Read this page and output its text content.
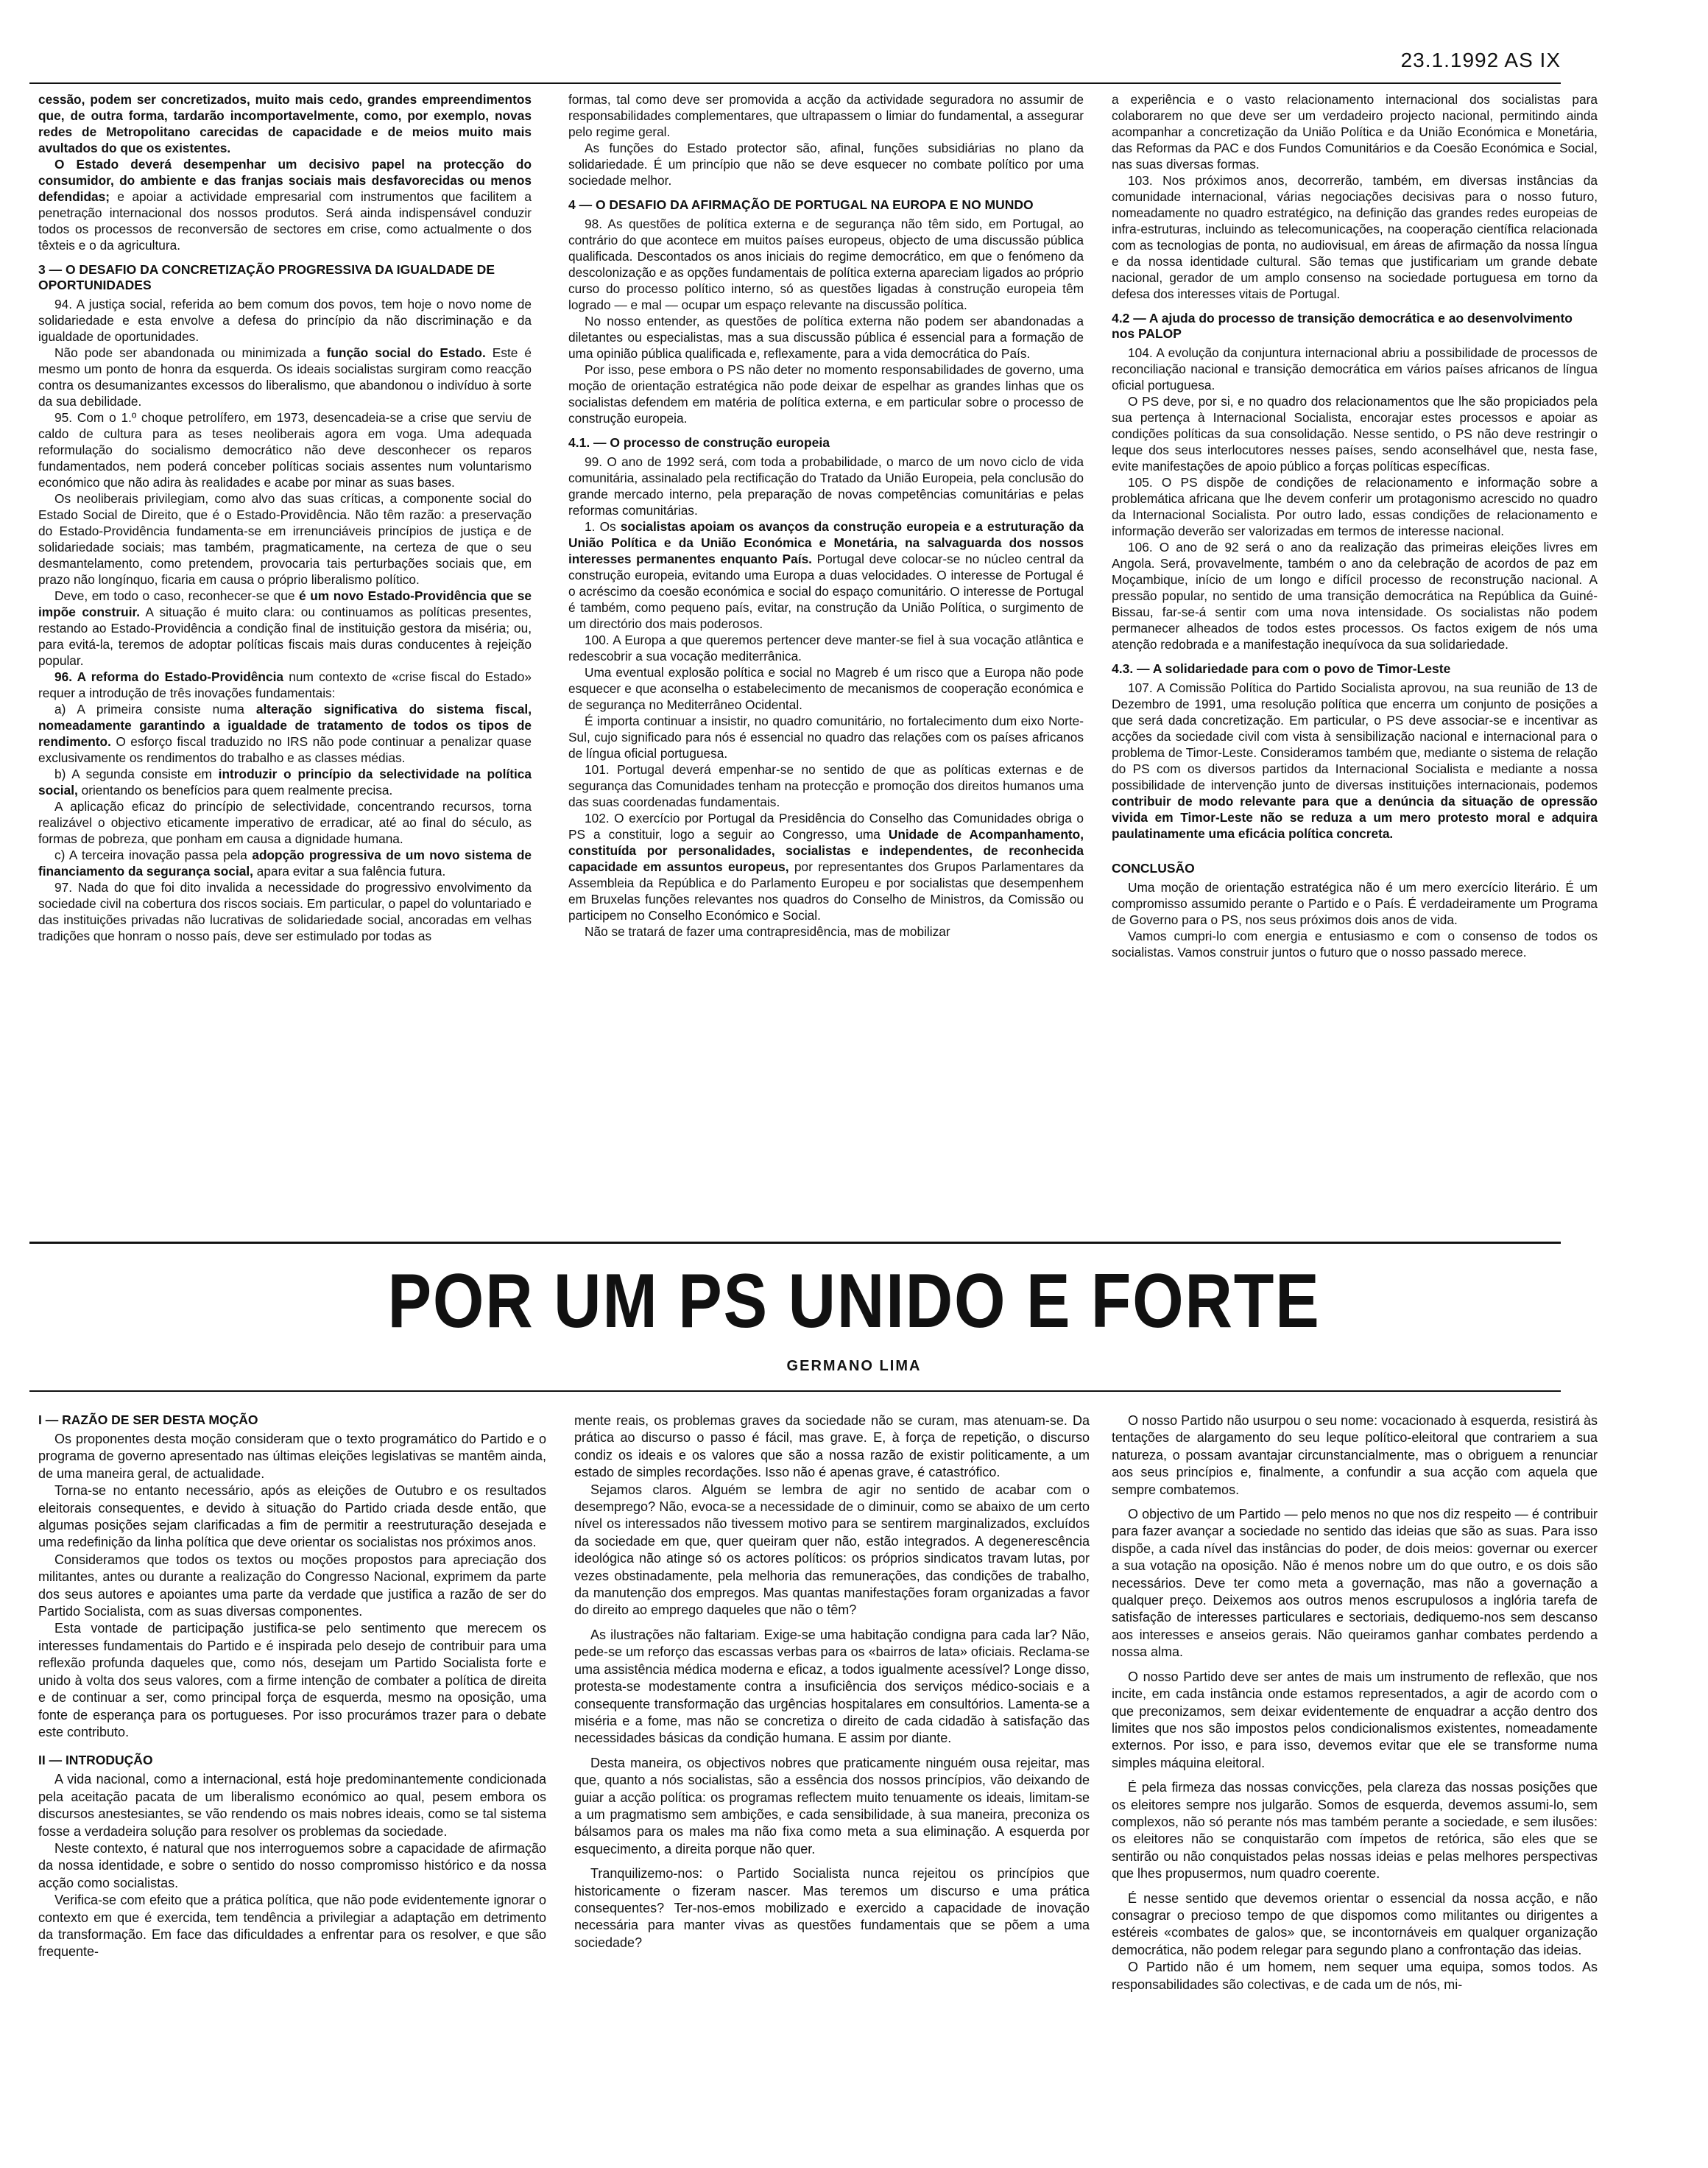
23.1.1992 AS IX

cessão, podem ser concretizados, muito mais cedo, grandes empreendimentos que, de outra forma, tardarão incomportavelmente, como, por exemplo, novas redes de Metropolitano carecidas de capacidade e de meios muito mais avultados do que os existentes.

O Estado deverá desempenhar um decisivo papel na protecção do consumidor, do ambiente e das franjas sociais mais desfavorecidas ou menos defendidas; e apoiar a actividade empresarial com instrumentos que facilitem a penetração internacional dos nossos produtos. Será ainda indispensável conduzir todos os processos de reconversão de sectores em crise, como actualmente o dos têxteis e o da agricultura.

3 — O DESAFIO DA CONCRETIZAÇÃO PROGRESSIVA DA IGUALDADE DE OPORTUNIDADES

94. A justiça social, referida ao bem comum dos povos, tem hoje o novo nome de solidariedade e esta envolve a defesa do princípio da não discriminação e da igualdade de oportunidades.

Não pode ser abandonada ou minimizada a função social do Estado. Este é mesmo um ponto de honra da esquerda. Os ideais socialistas surgiram como reacção contra os desumanizantes excessos do liberalismo, que abandonou o indivíduo à sorte da sua debilidade.

95. Com o 1.º choque petrolífero, em 1973, desencadeia-se a crise que serviu de caldo de cultura para as teses neoliberais agora em voga. Uma adequada reformulação do socialismo democrático não deve desconhecer os reparos fundamentados, nem poderá conceber políticas sociais assentes num voluntarismo económico que não adira às realidades e acabe por minar as suas bases.

Os neoliberais privilegiam, como alvo das suas críticas, a componente social do Estado Social de Direito, que é o Estado-Providência. Não têm razão: a preservação do Estado-Providência fundamenta-se em irrenunciáveis princípios de justiça e de solidariedade sociais; mas também, pragmaticamente, na certeza de que o seu desmantelamento, como pretendem, provocaria tais perturbações sociais que, em prazo não longínquo, ficaria em causa o próprio liberalismo político.

Deve, em todo o caso, reconhecer-se que é um novo Estado-Providência que se impõe construir. A situação é muito clara: ou continuamos as políticas presentes, restando ao Estado-Providência a condição final de instituição gestora da miséria; ou, para evitá-la, teremos de adoptar políticas fiscais mais duras conducentes à rejeição popular.

96. A reforma do Estado-Providência num contexto de «crise fiscal do Estado» requer a introdução de três inovações fundamentais:

a) A primeira consiste numa alteração significativa do sistema fiscal, nomeadamente garantindo a igualdade de tratamento de todos os tipos de rendimento. O esforço fiscal traduzido no IRS não pode continuar a penalizar quase exclusivamente os rendimentos do trabalho e as classes médias.

b) A segunda consiste em introduzir o princípio da selectividade na política social, orientando os benefícios para quem realmente precisa.

A aplicação eficaz do princípio de selectividade, concentrando recursos, torna realizável o objectivo eticamente imperativo de erradicar, até ao final do século, as formas de pobreza, que ponham em causa a dignidade humana.

c) A terceira inovação passa pela adopção progressiva de um novo sistema de financiamento da segurança social, apara evitar a sua falência futura.

97. Nada do que foi dito invalida a necessidade do progressivo envolvimento da sociedade civil na cobertura dos riscos sociais. Em particular, o papel do voluntariado e das instituições privadas não lucrativas de solidariedade social, ancoradas em velhas tradições que honram o nosso país, deve ser estimulado por todas as

formas, tal como deve ser promovida a acção da actividade seguradora no assumir de responsabilidades complementares, que ultrapassem o limiar do fundamental, a assegurar pelo regime geral.

As funções do Estado protector são, afinal, funções subsidiárias no plano da solidariedade. É um princípio que não se deve esquecer no combate político por uma sociedade melhor.

4 — O DESAFIO DA AFIRMAÇÃO DE PORTUGAL NA EUROPA E NO MUNDO

98. As questões de política externa e de segurança não têm sido, em Portugal, ao contrário do que acontece em muitos países europeus, objecto de uma discussão pública qualificada. Descontados os anos iniciais do regime democrático, em que o fenómeno da descolonização e as opções fundamentais de política externa apareciam ligados ao próprio curso do processo político interno, só as questões ligadas à construção europeia têm logrado — e mal — ocupar um espaço relevante na discussão política.

No nosso entender, as questões de política externa não podem ser abandonadas a diletantes ou especialistas, mas a sua discussão pública é essencial para a formação de uma opinião pública qualificada e, reflexamente, para a vida democrática do País.

Por isso, pese embora o PS não deter no momento responsabilidades de governo, uma moção de orientação estratégica não pode deixar de espelhar as grandes linhas que os socialistas defendem em matéria de política externa, e em particular sobre o processo de construção europeia.

4.1. — O processo de construção europeia

99. O ano de 1992 será, com toda a probabilidade, o marco de um novo ciclo de vida comunitária, assinalado pela rectificação do Tratado da União Europeia, pela conclusão do grande mercado interno, pela preparação de novas competências comunitárias e pelas reformas comunitárias.

1. Os socialistas apoiam os avanços da construção europeia e a estruturação da União Política e da União Económica e Monetária, na salvaguarda dos nossos interesses permanentes enquanto País. Portugal deve colocar-se no núcleo central da construção europeia, evitando uma Europa a duas velocidades. O interesse de Portugal é o acréscimo da coesão económica e social do espaço comunitário. O interesse de Portugal é também, como pequeno país, evitar, na construção da União Política, o surgimento de um directório dos mais poderosos.

100. A Europa a que queremos pertencer deve manter-se fiel à sua vocação atlântica e redescobrir a sua vocação mediterrânica.

Uma eventual explosão política e social no Magreb é um risco que a Europa não pode esquecer e que aconselha o estabelecimento de mecanismos de cooperação económica e de segurança no Mediterrâneo Ocidental.

É importa continuar a insistir, no quadro comunitário, no fortalecimento dum eixo Norte-Sul, cujo significado para nós é essencial no quadro das relações com os países africanos de língua oficial portuguesa.

101. Portugal deverá empenhar-se no sentido de que as políticas externas e de segurança das Comunidades tenham na protecção e promoção dos direitos humanos uma das suas coordenadas fundamentais.

102. O exercício por Portugal da Presidência do Conselho das Comunidades obriga o PS a constituir, logo a seguir ao Congresso, uma Unidade de Acompanhamento, constituída por personalidades, socialistas e independentes, de reconhecida capacidade em assuntos europeus, por representantes dos Grupos Parlamentares da Assembleia da República e do Parlamento Europeu e por socialistas que desempenhem em Bruxelas funções relevantes nos quadros do Conselho de Ministros, da Comissão ou participem no Conselho Económico e Social.

Não se tratará de fazer uma contrapresidência, mas de mobilizar

a experiência e o vasto relacionamento internacional dos socialistas para colaborarem no que deve ser um verdadeiro projecto nacional, permitindo ainda acompanhar a concretização da União Política e da União Económica e Monetária, das Reformas da PAC e dos Fundos Comunitários e da Coesão Económica e Social, nas suas diversas formas.

103. Nos próximos anos, decorrerão, também, em diversas instâncias da comunidade internacional, várias negociações decisivas para o nosso futuro, nomeadamente no quadro estratégico, na definição das grandes redes europeias de infra-estruturas, incluindo as telecomunicações, na cooperação científica relacionada com as tecnologias de ponta, no audiovisual, em áreas de afirmação da nossa língua e da nossa identidade cultural. São temas que justificariam um grande debate nacional, gerador de um amplo consenso na sociedade portuguesa em torno da defesa dos interesses vitais de Portugal.

4.2 — A ajuda do processo de transição democrática e ao desenvolvimento nos PALOP

104. A evolução da conjuntura internacional abriu a possibilidade de processos de reconciliação nacional e transição democrática em vários países africanos de língua oficial portuguesa.

O PS deve, por si, e no quadro dos relacionamentos que lhe são propiciados pela sua pertença à Internacional Socialista, encorajar estes processos e apoiar as condições políticas da sua consolidação. Nesse sentido, o PS não deve restringir o leque dos seus interlocutores nesses países, sendo aconselhável que, nesta fase, evite manifestações de apoio público a forças políticas específicas.

105. O PS dispõe de condições de relacionamento e informação sobre a problemática africana que lhe devem conferir um protagonismo acrescido no quadro da Internacional Socialista. Por outro lado, essas condições de relacionamento e informação deverão ser valorizadas em termos de interesse nacional.

106. O ano de 92 será o ano da realização das primeiras eleições livres em Angola. Será, provavelmente, também o ano da celebração de acordos de paz em Moçambique, início de um longo e difícil processo de reconstrução nacional. A pressão popular, no sentido de uma transição democrática na República da Guiné-Bissau, far-se-á sentir com uma nova intensidade. Os socialistas não podem permanecer alheados de todos estes processos. Os factos exigem de nós uma atenção redobrada e a manifestação inequívoca da sua solidariedade.

4.3. — A solidariedade para com o povo de Timor-Leste

107. A Comissão Política do Partido Socialista aprovou, na sua reunião de 13 de Dezembro de 1991, uma resolução política que encerra um conjunto de posições a que será dada concretização. Em particular, o PS deve associar-se e incentivar as acções da sociedade civil com vista à sensibilização nacional e internacional para o problema de Timor-Leste. Consideramos também que, mediante o sistema de relação do PS com os diversos partidos da Internacional Socialista e mediante a nossa possibilidade de intervenção junto de diversas instituições internacionais, podemos contribuir de modo relevante para que a denúncia da situação de opressão vivida em Timor-Leste não se reduza a um mero protesto moral e adquira paulatinamente uma eficácia política concreta.

CONCLUSÃO

Uma moção de orientação estratégica não é um mero exercício literário. É um compromisso assumido perante o Partido e o País. É verdadeiramente um Programa de Governo para o PS, nos seus próximos dois anos de vida.

Vamos cumpri-lo com energia e entusiasmo e com o consenso de todos os socialistas. Vamos construir juntos o futuro que o nosso passado merece.

POR UM PS UNIDO E FORTE
GERMANO LIMA
I — RAZÃO DE SER DESTA MOÇÃO

Os proponentes desta moção consideram que o texto programático do Partido e o programa de governo apresentado nas últimas eleições legislativas se mantêm ainda, de uma maneira geral, de actualidade.

Torna-se no entanto necessário, após as eleições de Outubro e os resultados eleitorais consequentes, e devido à situação do Partido criada desde então, que algumas posições sejam clarificadas a fim de permitir a reestruturação desejada e uma redefinição da linha política que deve orientar os socialistas nos próximos anos.

Consideramos que todos os textos ou moções propostos para apreciação dos militantes, antes ou durante a realização do Congresso Nacional, exprimem da parte dos seus autores e apoiantes uma parte da verdade que justifica a razão de ser do Partido Socialista, com as suas diversas componentes.

Esta vontade de participação justifica-se pelo sentimento que merecem os interesses fundamentais do Partido e é inspirada pelo desejo de contribuir para uma reflexão profunda daqueles que, como nós, desejam um Partido Socialista forte e unido à volta dos seus valores, com a firme intenção de combater a política de direita e de continuar a ser, como principal força de esquerda, mesmo na oposição, uma fonte de esperança para os portugueses. Por isso procurámos trazer para o debate este contributo.

II — INTRODUÇÃO

A vida nacional, como a internacional, está hoje predominantemente condicionada pela aceitação pacata de um liberalismo económico ao qual, pesem embora os discursos anestesiantes, se vão rendendo os mais nobres ideais, como se tal sistema fosse a verdadeira solução para resolver os problemas da sociedade.

Neste contexto, é natural que nos interroguemos sobre a capacidade de afirmação da nossa identidade, e sobre o sentido do nosso compromisso histórico e da nossa acção como socialistas.

Verifica-se com efeito que a prática política, que não pode evidentemente ignorar o contexto em que é exercida, tem tendência a privilegiar a adaptação em detrimento da transformação. Em face das dificuldades a enfrentar para os resolver, e que são frequente-

mente reais, os problemas graves da sociedade não se curam, mas atenuam-se. Da prática ao discurso o passo é fácil, mas grave. E, à força de repetição, o discurso condiz os ideais e os valores que são a nossa razão de existir politicamente, a um estado de simples recordações. Isso não é apenas grave, é catastrófico.

Sejamos claros. Alguém se lembra de agir no sentido de acabar com o desemprego? Não, evoca-se a necessidade de o diminuir, como se abaixo de um certo nível os interessados não tivessem motivo para se sentirem marginalizados, excluídos da sociedade em que, quer queiram quer não, estão integrados. A degenerescência ideológica não atinge só os actores políticos: os próprios sindicatos travam lutas, por vezes obstinadamente, pela melhoria das remunerações, das condições de trabalho, da manutenção dos empregos. Mas quantas manifestações foram organizadas a favor do direito ao emprego daqueles que não o têm?

As ilustrações não faltariam. Exige-se uma habitação condigna para cada lar? Não, pede-se um reforço das escassas verbas para os «bairros de lata» oficiais. Reclama-se uma assistência médica moderna e eficaz, a todos igualmente acessível? Longe disso, protesta-se modestamente contra a insuficiência dos serviços médico-sociais e a consequente transformação das urgências hospitalares em consultórios. Lamenta-se a miséria e a fome, mas não se concretiza o direito de cada cidadão à satisfação das necessidades básicas da condição humana. E assim por diante.

Desta maneira, os objectivos nobres que praticamente ninguém ousa rejeitar, mas que, quanto a nós socialistas, são a essência dos nossos princípios, vão deixando de guiar a acção política: os programas reflectem muito tenuamente os ideais, limitam-se a um pragmatismo sem ambições, e cada sensibilidade, à sua maneira, preconiza os bálsamos para os males ma não fixa como meta a sua eliminação. A esquerda por esquecimento, a direita porque não quer.

Tranquilizemo-nos: o Partido Socialista nunca rejeitou os princípios que historicamente o fizeram nascer. Mas teremos um discurso e uma prática consequentes? Ter-nos-emos mobilizado e exercido a capacidade de inovação necessária para manter vivas as questões fundamentais que se põem a uma sociedade?

O nosso Partido não usurpou o seu nome: vocacionado à esquerda, resistirá às tentações de alargamento do seu leque político-eleitoral que contrariem a sua natureza, o possam avantajar circunstancialmente, mas o obriguem a renunciar aos seus princípios e, finalmente, a confundir a sua acção com aquela que sempre combatemos.

O objectivo de um Partido — pelo menos no que nos diz respeito — é contribuir para fazer avançar a sociedade no sentido das ideias que são as suas. Para isso dispõe, a cada nível das instâncias do poder, de dois meios: governar ou exercer a sua votação na oposição. Não é menos nobre um do que outro, e os dois são necessários. Deve ter como meta a governação, mas não a governação a qualquer preço. Deixemos aos outros menos escrupulosos a inglória tarefa de satisfação de interesses particulares e sectoriais, dediquemo-nos sem descanso aos interesses e anseios gerais. Não queiramos ganhar combates perdendo a nossa alma.

O nosso Partido deve ser antes de mais um instrumento de reflexão, que nos incite, em cada instância onde estamos representados, a agir de acordo com o que preconizamos, sem deixar evidentemente de enquadrar a acção dentro dos limites que nos são impostos pelos condicionalismos existentes, nomeadamente externos. Por isso, e para isso, devemos evitar que ele se transforme numa simples máquina eleitoral.

É pela firmeza das nossas convicções, pela clareza das nossas posições que os eleitores sempre nos julgarão. Somos de esquerda, devemos assumi-lo, sem complexos, não só perante nós mas também perante a sociedade, e sem ilusões: os eleitores não se conquistarão com ímpetos de retórica, são eles que se sentirão ou não conquistados pelas nossas ideias e pelas melhores perspectivas que lhes propusermos, num quadro coerente.

É nesse sentido que devemos orientar o essencial da nossa acção, e não consagrar o precioso tempo de que dispomos como militantes ou dirigentes a estéreis «combates de galos» que, se incontornáveis em qualquer organização democrática, não podem relegar para segundo plano a confrontação das ideias.

O Partido não é um homem, nem sequer uma equipa, somos todos. As responsabilidades são colectivas, e de cada um de nós, mi-
